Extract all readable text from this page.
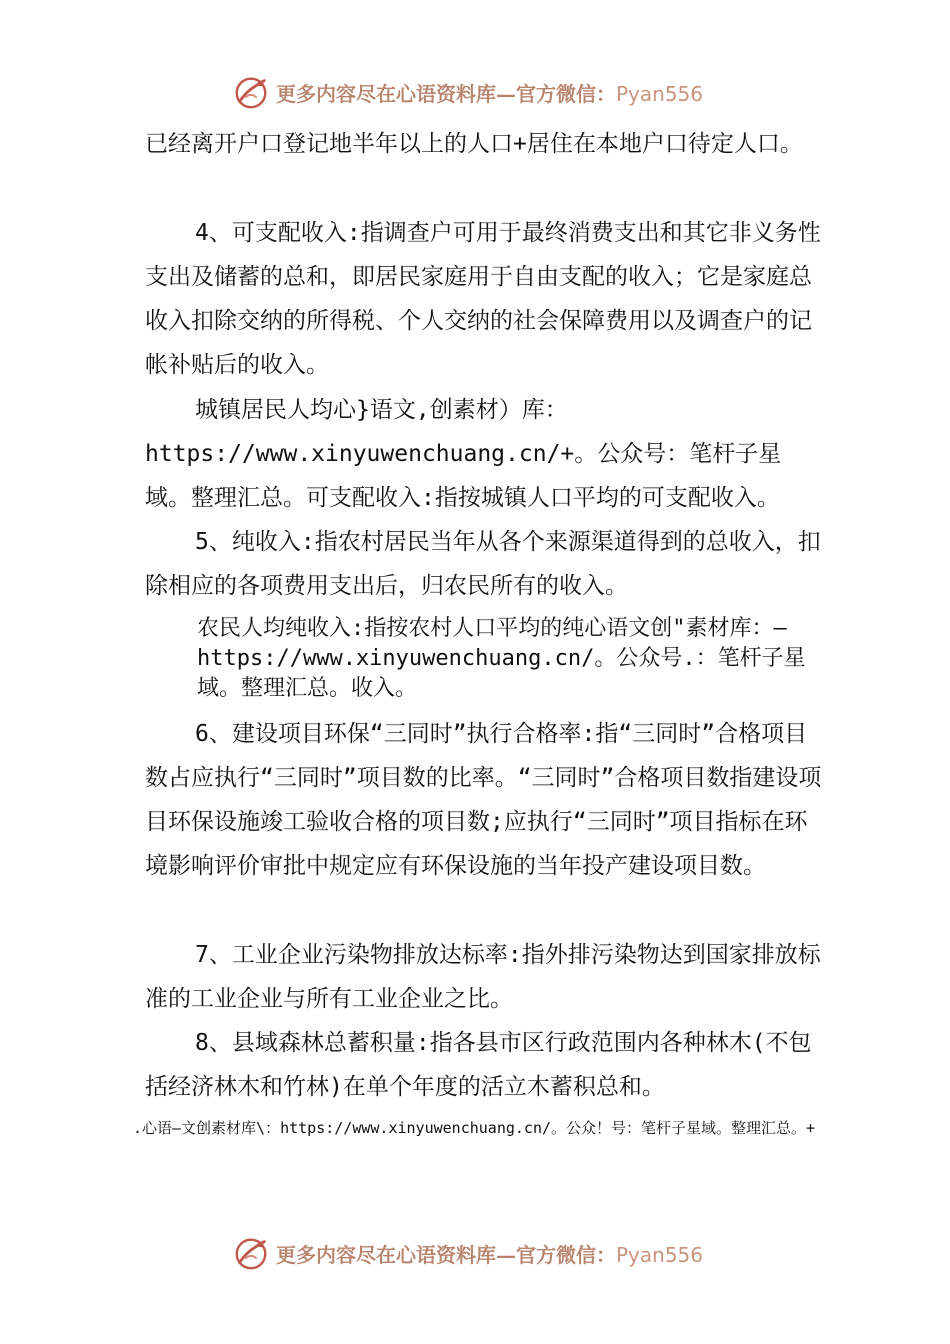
更多内容尽在心语资料库—官方微信：Pyan556

已经离开户口登记地半年以上的人口+居住在本地户口待定人口。

4、可支配收入:指调查户可用于最终消费支出和其它非义务性支出及储蓄的总和，即居民家庭用于自由支配的收入；它是家庭总收入扣除交纳的所得税、个人交纳的社会保障费用以及调查户的记帐补贴后的收入。

城镇居民人均心}语文,创素材）库：https://www.xinyuwenchuang.cn/+。公众号：笔杆子星域。整理汇总。可支配收入:指按城镇人口平均的可支配收入。

5、纯收入:指农村居民当年从各个来源渠道得到的总收入，扣除相应的各项费用支出后，归农民所有的收入。

农民人均纯收入:指按农村人口平均的纯心语文创"素材库：—https://www.xinyuwenchuang.cn/。公众号.：笔杆子星域。整理汇总。收入。

6、建设项目环保“三同时”执行合格率:指“三同时”合格项目数占应执行“三同时”项目数的比率。“三同时”合格项目数指建设项目环保设施竣工验收合格的项目数;应执行“三同时”项目指标在环境影响评价审批中规定应有环保设施的当年投产建设项目数。

7、工业企业污染物排放达标率:指外排污染物达到国家排放标准的工业企业与所有工业企业之比。

8、县域森林总蓄积量:指各县市区行政范围内各种林木(不包括经济林木和竹林)在单个年度的活立木蓄积总和。

.心语—文创素材库\：https://www.xinyuwenchuang.cn/。公众！号：笔杆子星域。整理汇总。+

更多内容尽在心语资料库—官方微信：Pyan556
